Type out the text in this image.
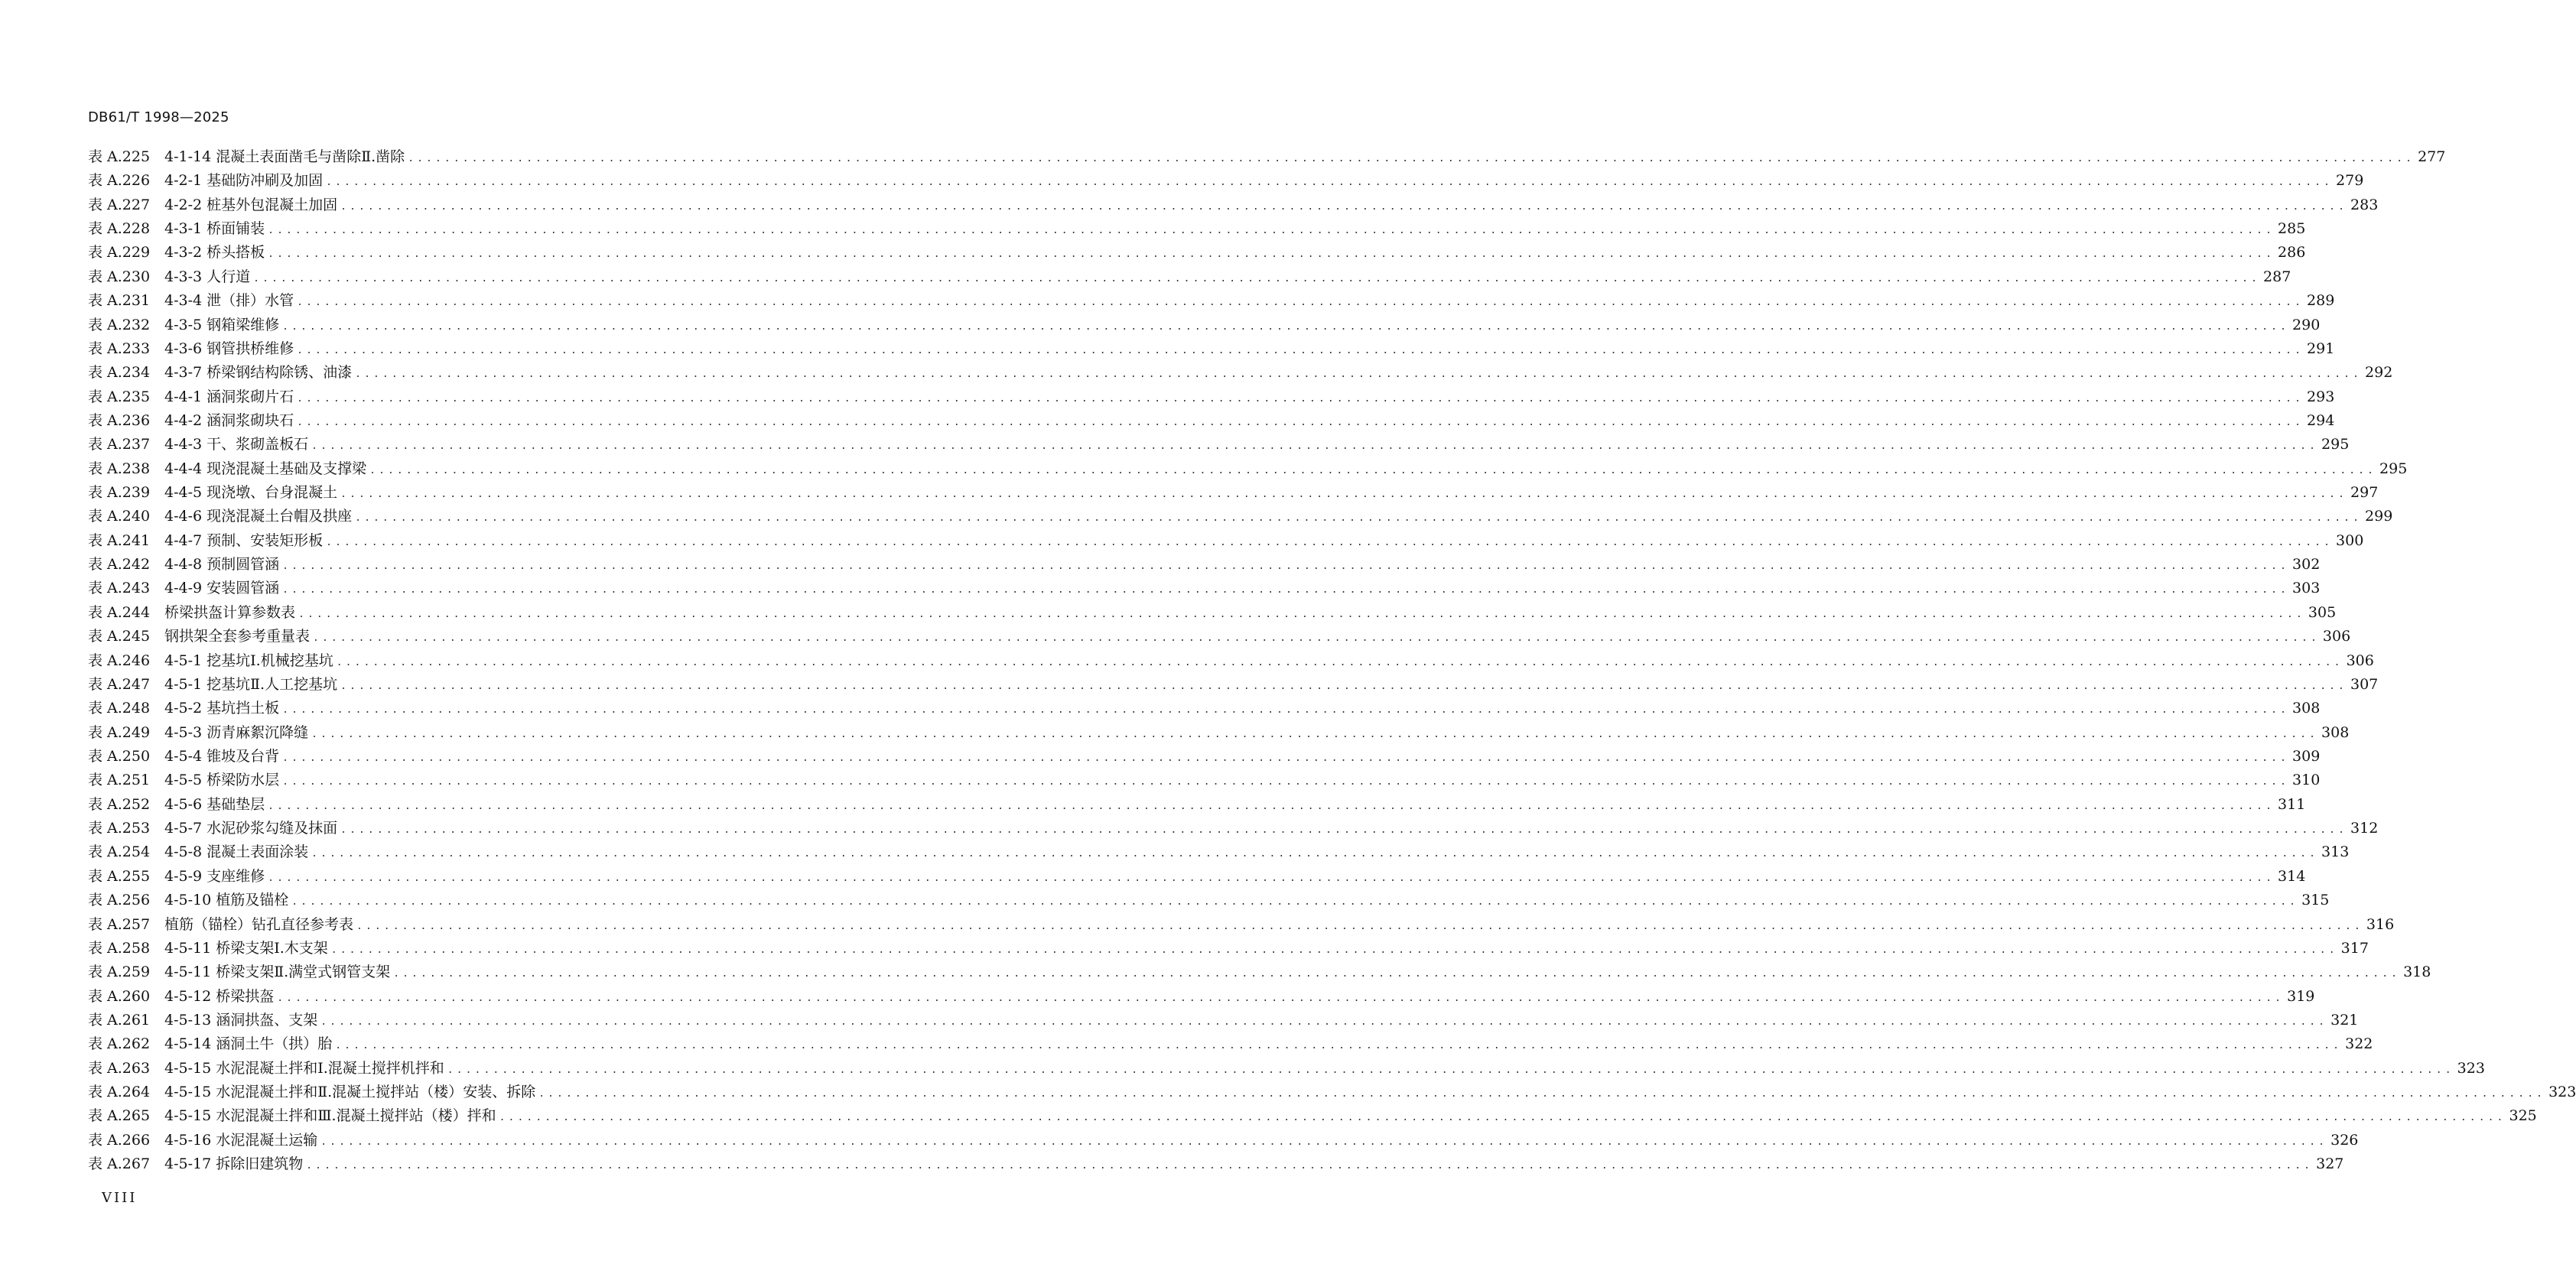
DB61/T 1998—2025
表 A.225 4-1-14 混凝土表面凿毛与凿除Ⅱ.凿除 ............................................................................................................................................................................................................................ 277
表 A.226 4-2-1 基础防冲刷及加固 ............................................................................................................................................................................................................................ 279
表 A.227 4-2-2 桩基外包混凝土加固 ............................................................................................................................................................................................................................ 283
表 A.228 4-3-1 桥面铺装 ............................................................................................................................................................................................................................ 285
表 A.229 4-3-2 桥头搭板 ............................................................................................................................................................................................................................ 286
表 A.230 4-3-3 人行道 ............................................................................................................................................................................................................................ 287
表 A.231 4-3-4 泄（排）水管 ............................................................................................................................................................................................................................ 289
表 A.232 4-3-5 钢箱梁维修 ............................................................................................................................................................................................................................ 290
表 A.233 4-3-6 钢管拱桥维修 ............................................................................................................................................................................................................................ 291
表 A.234 4-3-7 桥梁钢结构除锈、油漆 ............................................................................................................................................................................................................................ 292
表 A.235 4-4-1 涵洞浆砌片石 ............................................................................................................................................................................................................................ 293
表 A.236 4-4-2 涵洞浆砌块石 ............................................................................................................................................................................................................................ 294
表 A.237 4-4-3 干、浆砌盖板石 ............................................................................................................................................................................................................................ 295
表 A.238 4-4-4 现浇混凝土基础及支撑梁 ............................................................................................................................................................................................................................ 295
表 A.239 4-4-5 现浇墩、台身混凝土 ............................................................................................................................................................................................................................ 297
表 A.240 4-4-6 现浇混凝土台帽及拱座 ............................................................................................................................................................................................................................ 299
表 A.241 4-4-7 预制、安装矩形板 ............................................................................................................................................................................................................................ 300
表 A.242 4-4-8 预制圆管涵 ............................................................................................................................................................................................................................ 302
表 A.243 4-4-9 安装圆管涵 ............................................................................................................................................................................................................................ 303
表 A.244 桥梁拱盔计算参数表 ............................................................................................................................................................................................................................ 305
表 A.245 钢拱架全套参考重量表 ............................................................................................................................................................................................................................ 306
表 A.246 4-5-1 挖基坑Ⅰ.机械挖基坑 ............................................................................................................................................................................................................................ 306
表 A.247 4-5-1 挖基坑Ⅱ.人工挖基坑 ............................................................................................................................................................................................................................ 307
表 A.248 4-5-2 基坑挡土板 ............................................................................................................................................................................................................................ 308
表 A.249 4-5-3 沥青麻絮沉降缝 ............................................................................................................................................................................................................................ 308
表 A.250 4-5-4 锥坡及台背 ............................................................................................................................................................................................................................ 309
表 A.251 4-5-5 桥梁防水层 ............................................................................................................................................................................................................................ 310
表 A.252 4-5-6 基础垫层 ............................................................................................................................................................................................................................ 311
表 A.253 4-5-7 水泥砂浆勾缝及抹面 ............................................................................................................................................................................................................................ 312
表 A.254 4-5-8 混凝土表面涂装 ............................................................................................................................................................................................................................ 313
表 A.255 4-5-9 支座维修 ............................................................................................................................................................................................................................ 314
表 A.256 4-5-10 植筋及锚栓 ............................................................................................................................................................................................................................ 315
表 A.257 植筋（锚栓）钻孔直径参考表 ............................................................................................................................................................................................................................ 316
表 A.258 4-5-11 桥梁支架Ⅰ.木支架 ............................................................................................................................................................................................................................ 317
表 A.259 4-5-11 桥梁支架Ⅱ.满堂式钢管支架 ............................................................................................................................................................................................................................ 318
表 A.260 4-5-12 桥梁拱盔 ............................................................................................................................................................................................................................ 319
表 A.261 4-5-13 涵洞拱盔、支架 ............................................................................................................................................................................................................................ 321
表 A.262 4-5-14 涵洞土牛（拱）胎 ............................................................................................................................................................................................................................ 322
表 A.263 4-5-15 水泥混凝土拌和Ⅰ.混凝土搅拌机拌和 ............................................................................................................................................................................................................................ 323
表 A.264 4-5-15 水泥混凝土拌和Ⅱ.混凝土搅拌站（楼）安装、拆除 ............................................................................................................................................................................................................................ 323
表 A.265 4-5-15 水泥混凝土拌和Ⅲ.混凝土搅拌站（楼）拌和 ............................................................................................................................................................................................................................ 325
表 A.266 4-5-16 水泥混凝土运输 ............................................................................................................................................................................................................................ 326
表 A.267 4-5-17 拆除旧建筑物 ............................................................................................................................................................................................................................ 327
VIII
